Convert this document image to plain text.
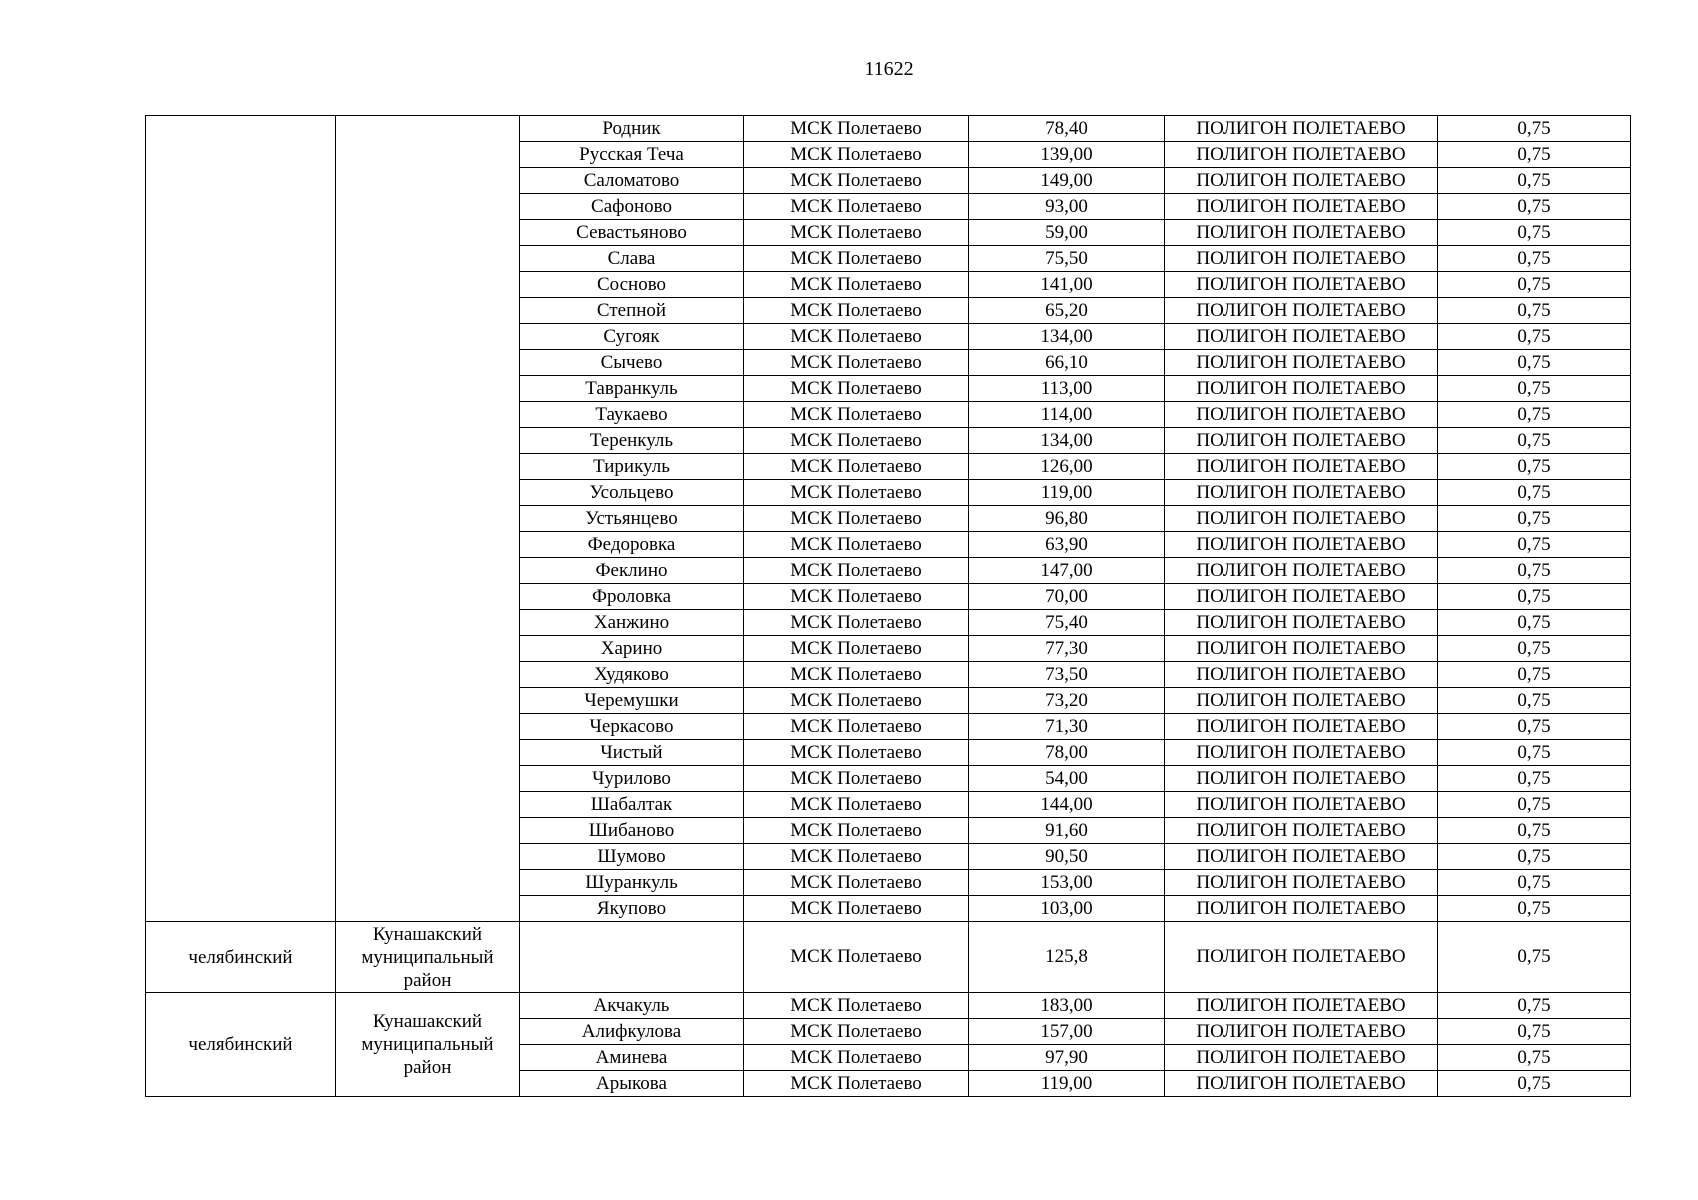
11622
		Родник	МСК Полетаево	78,40	ПОЛИГОН ПОЛЕТАЕВО	0,75
		Русская Теча	МСК Полетаево	139,00	ПОЛИГОН ПОЛЕТАЕВО	0,75
		Саломатово	МСК Полетаево	149,00	ПОЛИГОН ПОЛЕТАЕВО	0,75
		Сафоново	МСК Полетаево	93,00	ПОЛИГОН ПОЛЕТАЕВО	0,75
		Севастьяново	МСК Полетаево	59,00	ПОЛИГОН ПОЛЕТАЕВО	0,75
		Слава	МСК Полетаево	75,50	ПОЛИГОН ПОЛЕТАЕВО	0,75
		Сосново	МСК Полетаево	141,00	ПОЛИГОН ПОЛЕТАЕВО	0,75
		Степной	МСК Полетаево	65,20	ПОЛИГОН ПОЛЕТАЕВО	0,75
		Сугояк	МСК Полетаево	134,00	ПОЛИГОН ПОЛЕТАЕВО	0,75
		Сычево	МСК Полетаево	66,10	ПОЛИГОН ПОЛЕТАЕВО	0,75
		Тавранкуль	МСК Полетаево	113,00	ПОЛИГОН ПОЛЕТАЕВО	0,75
		Таукаево	МСК Полетаево	114,00	ПОЛИГОН ПОЛЕТАЕВО	0,75
		Теренкуль	МСК Полетаево	134,00	ПОЛИГОН ПОЛЕТАЕВО	0,75
		Тирикуль	МСК Полетаево	126,00	ПОЛИГОН ПОЛЕТАЕВО	0,75
		Усольцево	МСК Полетаево	119,00	ПОЛИГОН ПОЛЕТАЕВО	0,75
		Устьянцево	МСК Полетаево	96,80	ПОЛИГОН ПОЛЕТАЕВО	0,75
		Федоровка	МСК Полетаево	63,90	ПОЛИГОН ПОЛЕТАЕВО	0,75
		Феклино	МСК Полетаево	147,00	ПОЛИГОН ПОЛЕТАЕВО	0,75
		Фроловка	МСК Полетаево	70,00	ПОЛИГОН ПОЛЕТАЕВО	0,75
		Ханжино	МСК Полетаево	75,40	ПОЛИГОН ПОЛЕТАЕВО	0,75
		Харино	МСК Полетаево	77,30	ПОЛИГОН ПОЛЕТАЕВО	0,75
		Худяково	МСК Полетаево	73,50	ПОЛИГОН ПОЛЕТАЕВО	0,75
		Черемушки	МСК Полетаево	73,20	ПОЛИГОН ПОЛЕТАЕВО	0,75
		Черкасово	МСК Полетаево	71,30	ПОЛИГОН ПОЛЕТАЕВО	0,75
		Чистый	МСК Полетаево	78,00	ПОЛИГОН ПОЛЕТАЕВО	0,75
		Чурилово	МСК Полетаево	54,00	ПОЛИГОН ПОЛЕТАЕВО	0,75
		Шабалтак	МСК Полетаево	144,00	ПОЛИГОН ПОЛЕТАЕВО	0,75
		Шибаново	МСК Полетаево	91,60	ПОЛИГОН ПОЛЕТАЕВО	0,75
		Шумово	МСК Полетаево	90,50	ПОЛИГОН ПОЛЕТАЕВО	0,75
		Шуранкуль	МСК Полетаево	153,00	ПОЛИГОН ПОЛЕТАЕВО	0,75
		Якупово	МСК Полетаево	103,00	ПОЛИГОН ПОЛЕТАЕВО	0,75
челябинский	Кунашакский муниципальный район		МСК Полетаево	125,8	ПОЛИГОН ПОЛЕТАЕВО	0,75
челябинский	Кунашакский муниципальный район	Акчакуль	МСК Полетаево	183,00	ПОЛИГОН ПОЛЕТАЕВО	0,75
		Алифкулова	МСК Полетаево	157,00	ПОЛИГОН ПОЛЕТАЕВО	0,75
		Аминева	МСК Полетаево	97,90	ПОЛИГОН ПОЛЕТАЕВО	0,75
		Арыкова	МСК Полетаево	119,00	ПОЛИГОН ПОЛЕТАЕВО	0,75
